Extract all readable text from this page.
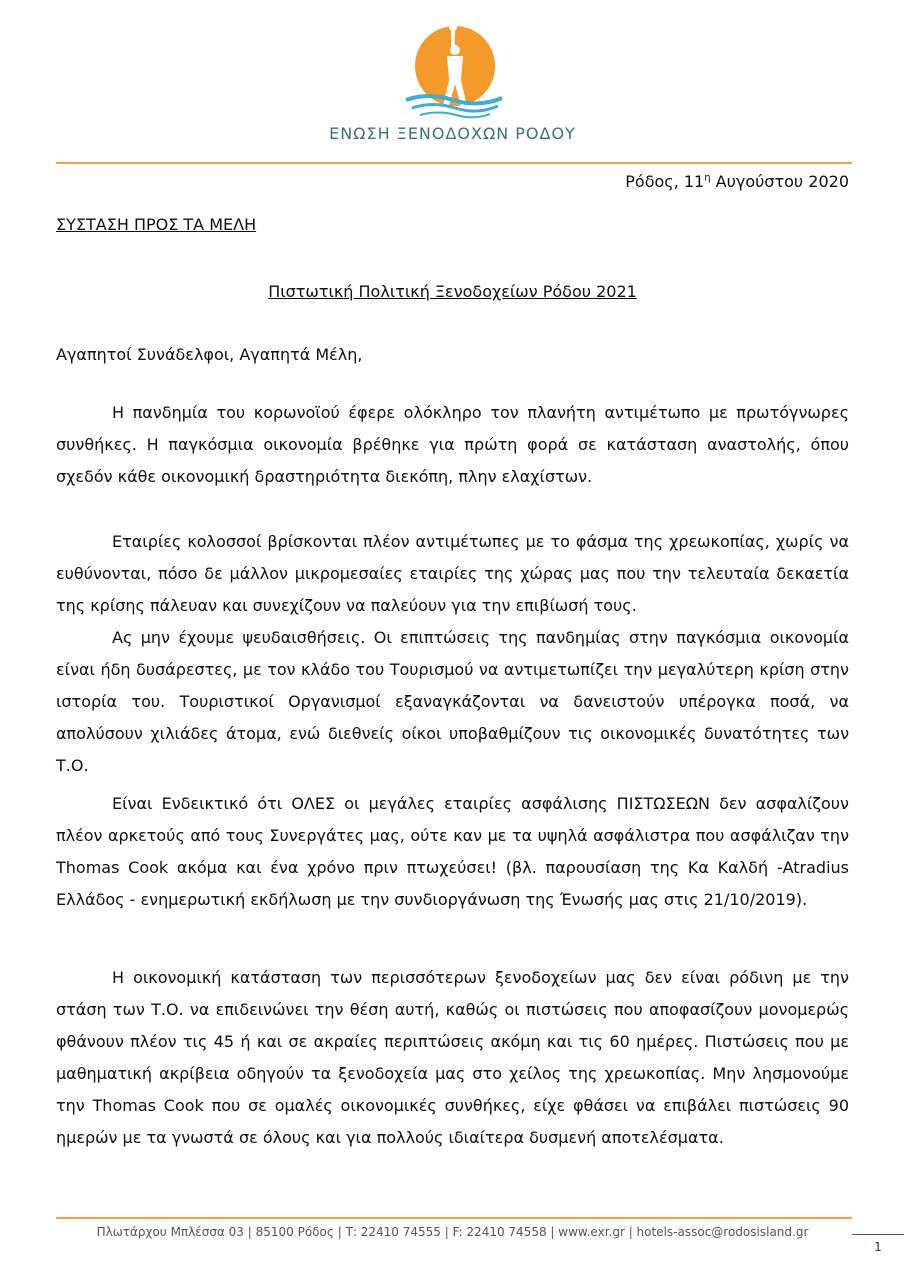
ΕΝΩΣΗ ΞΕΝΟΔΟΧΩΝ ΡΟΔΟΥ
Ρόδος, $11^\eta$ Αυγούστου 2020
ΣΥΣΤΑΣΗ ΠΡΟΣ ΤΑ ΜΕΛΗ
Πιστωτική Πολιτική Ξενοδοχείων Ρόδου 2021
Αγαπητοί Συνάδελφοι, Αγαπητά Μέλη,

Η πανδημία του κορωνοϊού έφερε ολόκληρο τον πλανήτη αντιμέτωπο με πρωτόγνωρες συνθήκες. Η παγκόσμια οικονομία βρέθηκε για πρώτη φορά σε κατάσταση αναστολής, όπου σχεδόν κάθε οικονομική δραστηριότητα διεκόπη, πλην ελαχίστων.

Εταιρίες κολοσσοί βρίσκονται πλέον αντιμέτωπες με το φάσμα της χρεωκοπίας, χωρίς να ευθύνονται, πόσο δε μάλλον μικρομεσαίες εταιρίες της χώρας μας που την τελευταία δεκαετία της κρίσης πάλευαν και συνεχίζουν να παλεύουν για την επιβίωσή τους.

Ας μην έχουμε ψευδαισθήσεις. Οι επιπτώσεις της πανδημίας στην παγκόσμια οικονομία είναι ήδη δυσάρεστες, με τον κλάδο του Τουρισμού να αντιμετωπίζει την μεγαλύτερη κρίση στην ιστορία του. Τουριστικοί Οργανισμοί εξαναγκάζονται να δανειστούν υπέρογκα ποσά, να απολύσουν χιλιάδες άτομα, ενώ διεθνείς οίκοι υποβαθμίζουν τις οικονομικές δυνατότητες των Τ.Ο.

Είναι Ενδεικτικό ότι ΟΛΕΣ οι μεγάλες εταιρίες ασφάλισης ΠΙΣΤΩΣΕΩΝ δεν ασφαλίζουν πλέον αρκετούς από τους Συνεργάτες μας, ούτε καν με τα υψηλά ασφάλιστρα που ασφάλιζαν την Thomas Cook ακόμα και ένα χρόνο πριν πτωχεύσει! (βλ. παρουσίαση της Κα Καλδή -Atradius Ελλάδος - ενημερωτική εκδήλωση με την συνδιοργάνωση της Ένωσής μας στις 21/10/2019).

Η οικονομική κατάσταση των περισσότερων ξενοδοχείων μας δεν είναι ρόδινη με την στάση των Τ.Ο. να επιδεινώνει την θέση αυτή, καθώς οι πιστώσεις που αποφασίζουν μονομερώς φθάνουν πλέον τις 45 ή και σε ακραίες περιπτώσεις ακόμη και τις 60 ημέρες. Πιστώσεις που με μαθηματική ακρίβεια οδηγούν τα ξενοδοχεία μας στο χείλος της χρεωκοπίας. Μην λησμονούμε την Thomas Cook που σε ομαλές οικονομικές συνθήκες, είχε φθάσει να επιβάλει πιστώσεις 90 ημερών με τα γνωστά σε όλους και για πολλούς ιδιαίτερα δυσμενή αποτελέσματα.

Πλωτάρχου Μπλέσσα 03 | 85100 Ρόδος | Τ: 22410 74555 | F: 22410 74558 | www.exr.gr | hotels-assoc@rodosisland.gr
1
